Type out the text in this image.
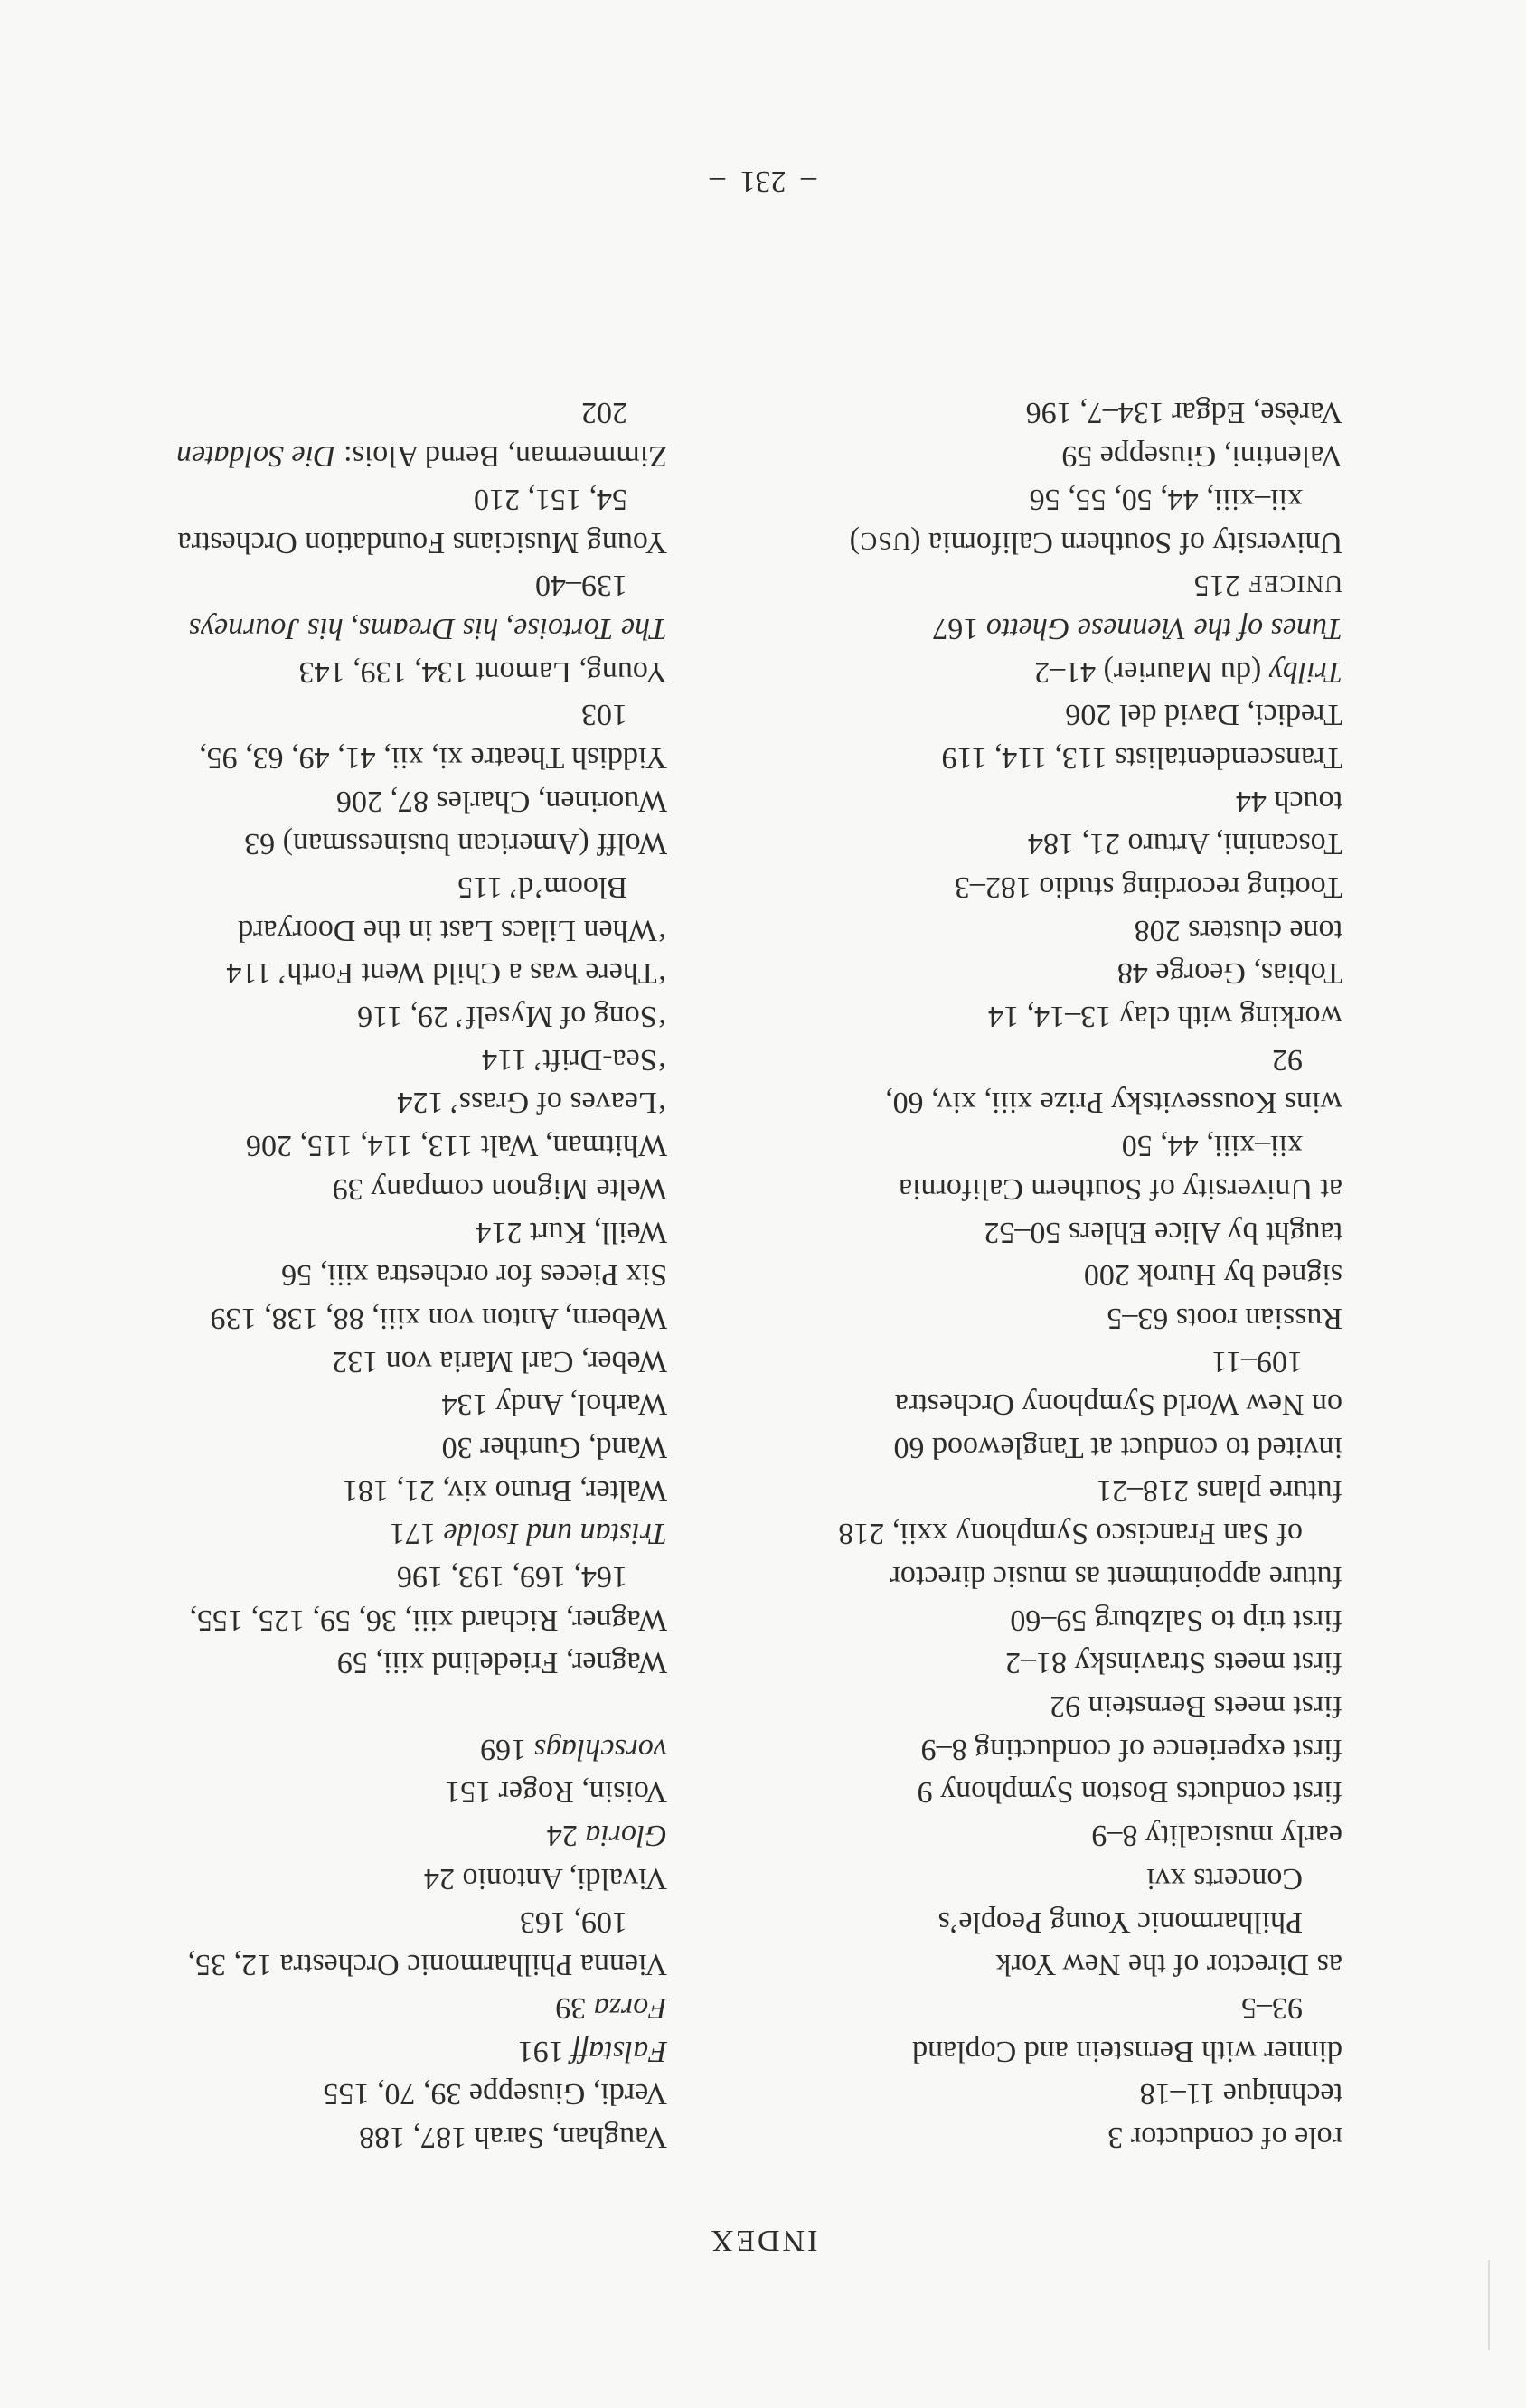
INDEX
role of conductor 3
technique 11–18
dinner with Bernstein and Copland
93–5
as Director of the New York
Philharmonic Young People’s
Concerts xvi
early musicality 8–9
first conducts Boston Symphony 9
first experience of conducting 8–9
first meets Bernstein 92
first meets Stravinsky 81–2
first trip to Salzburg 59–60
future appointment as music director
of San Francisco Symphony xxii, 218
future plans 218–21
invited to conduct at Tanglewood 60
on New World Symphony Orchestra
109–11
Russian roots 63–5
signed by Hurok 200
taught by Alice Ehlers 50–52
at University of Southern California
xii–xiii, 44, 50
wins Koussevitsky Prize xiii, xiv, 60,
92
working with clay 13–14, 14
Tobias, George 48
tone clusters 208
Tooting recording studio 182–3
Toscanini, Arturo 21, 184
touch 44
Transcendentalists 113, 114, 119
Tredici, David del 206
Trilby (du Maurier) 41–2
Tunes of the Viennese Ghetto 167
UNICEF 215
University of Southern California (USC)
xii–xiii, 44, 50, 55, 56
Valentini, Giuseppe 59
Varèse, Edgar 134–7, 196
Vaughan, Sarah 187, 188
Verdi, Giuseppe 39, 70, 155
Falstaff 191
Forza 39
Vienna Philharmonic Orchestra 12, 35,
109, 163
Vivaldi, Antonio 24
Gloria 24
Voisin, Roger 151
vorschlags 169
Wagner, Friedelind xiii, 59
Wagner, Richard xiii, 36, 59, 125, 155,
164, 169, 193, 196
Tristan und Isolde 171
Walter, Bruno xiv, 21, 181
Wand, Gunther 30
Warhol, Andy 134
Weber, Carl Maria von 132
Webern, Anton von xiii, 88, 138, 139
Six Pieces for orchestra xiii, 56
Weill, Kurt 214
Welte Mignon company 39
Whitman, Walt 113, 114, 115, 206
‘Leaves of Grass’ 124
‘Sea-Drift’ 114
‘Song of Myself’ 29, 116
‘There was a Child Went Forth’ 114
‘When Lilacs Last in the Dooryard
Bloom’d’ 115
Wolff (American businessman) 63
Wuorinen, Charles 87, 206
Yiddish Theatre xi, xii, 41, 49, 63, 95,
103
Young, Lamont 134, 139, 143
The Tortoise, his Dreams, his Journeys
139–40
Young Musicians Foundation Orchestra
54, 151, 210
Zimmerman, Bernd Alois: Die Soldaten
202
– 231 –
